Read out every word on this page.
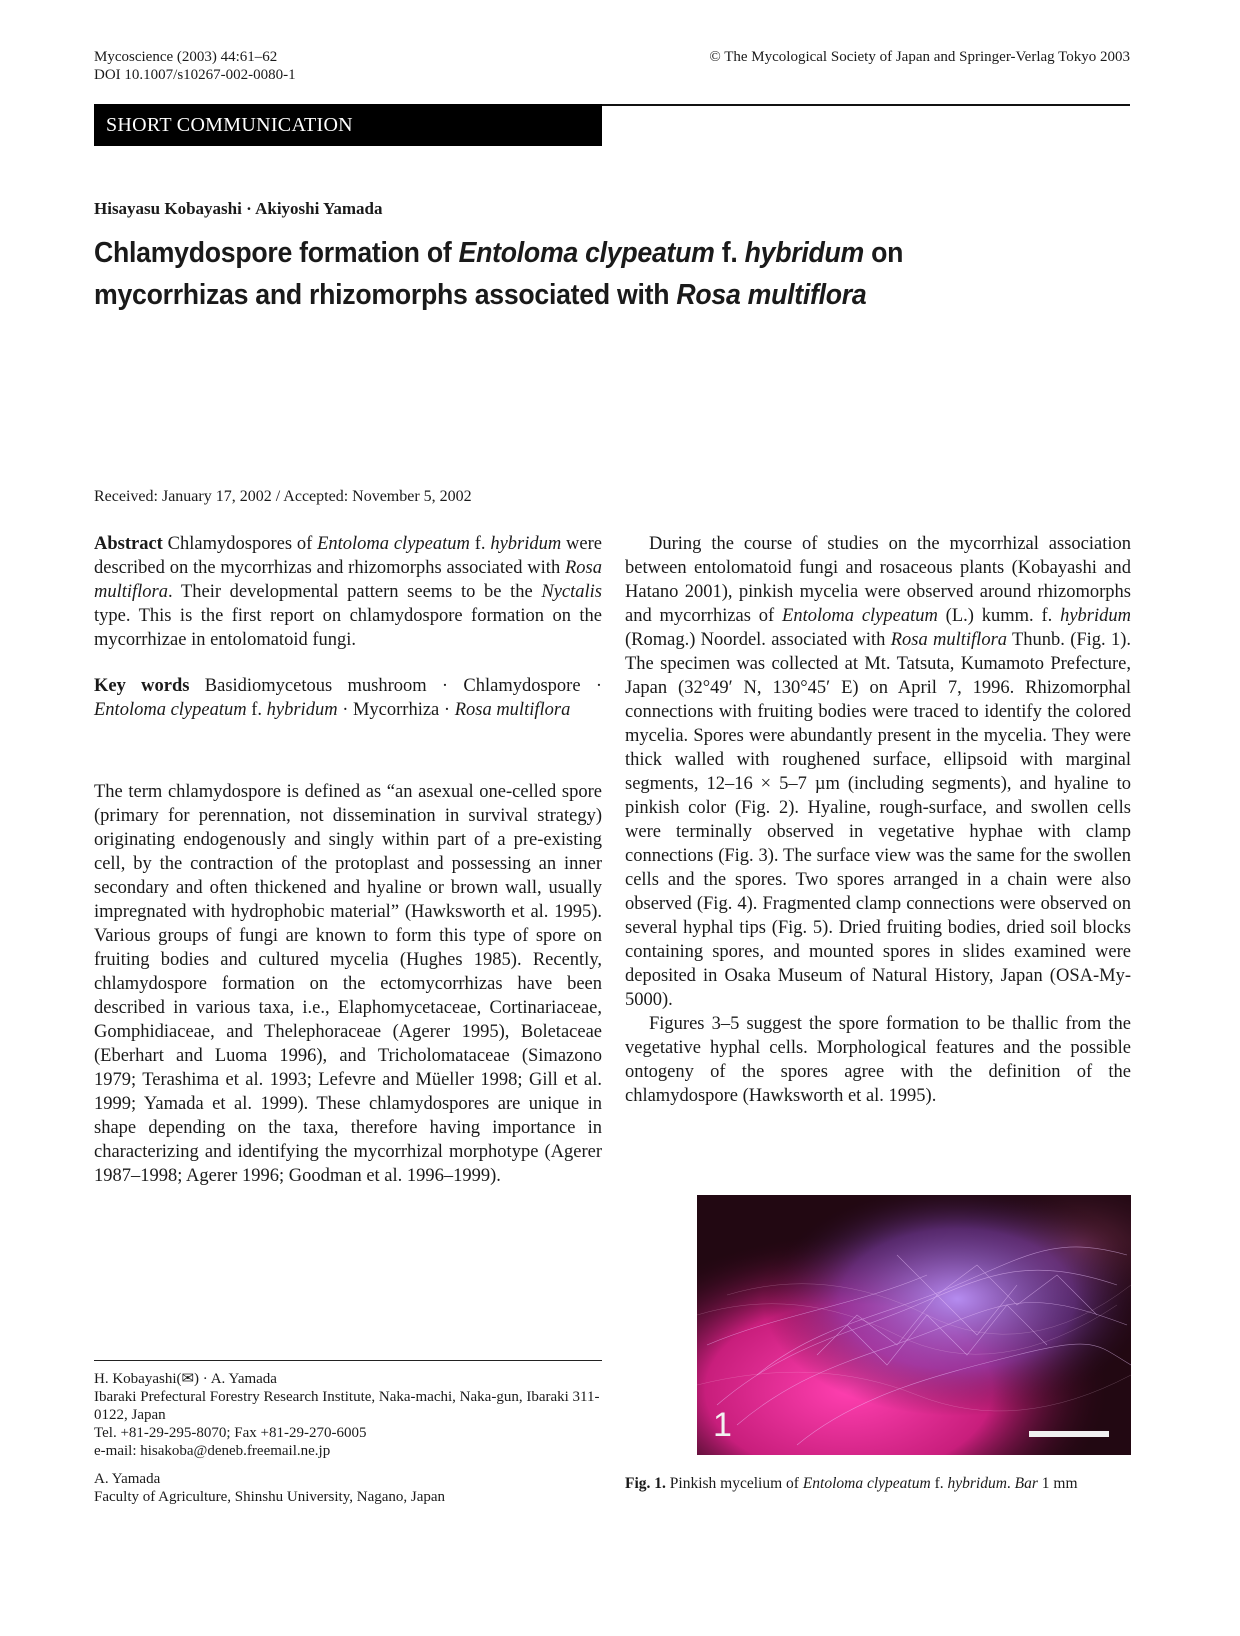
Mycoscience (2003) 44:61–62
DOI 10.1007/s10267-002-0080-1
© The Mycological Society of Japan and Springer-Verlag Tokyo 2003
SHORT COMMUNICATION
Hisayasu Kobayashi · Akiyoshi Yamada
Chlamydospore formation of Entoloma clypeatum f. hybridum on mycorrhizas and rhizomorphs associated with Rosa multiflora
Received: January 17, 2002 / Accepted: November 5, 2002

Abstract Chlamydospores of Entoloma clypeatum f. hybridum were described on the mycorrhizas and rhizomorphs associated with Rosa multiflora. Their developmental pattern seems to be the Nyctalis type. This is the first report on chlamydospore formation on the mycorrhizae in entolomatoid fungi.

Key words Basidiomycetous mushroom · Chlamydospore · Entoloma clypeatum f. hybridum · Mycorrhiza · Rosa multiflora

The term chlamydospore is defined as “an asexual one-celled spore (primary for perennation, not dissemination in survival strategy) originating endogenously and singly within part of a pre-existing cell, by the contraction of the protoplast and possessing an inner secondary and often thickened and hyaline or brown wall, usually impregnated with hydrophobic material” (Hawksworth et al. 1995). Various groups of fungi are known to form this type of spore on fruiting bodies and cultured mycelia (Hughes 1985). Recently, chlamydospore formation on the ectomycorrhizas have been described in various taxa, i.e., Elaphomycetaceae, Cortinariaceae, Gomphidiaceae, and Thelephoraceae (Agerer 1995), Boletaceae (Eberhart and Luoma 1996), and Tricholomataceae (Simazono 1979; Terashima et al. 1993; Lefevre and Müeller 1998; Gill et al. 1999; Yamada et al. 1999). These chlamydospores are unique in shape depending on the taxa, therefore having importance in characterizing and identifying the mycorrhizal morphotype (Agerer 1987–1998; Agerer 1996; Goodman et al. 1996–1999).

H. Kobayashi(✉) · A. Yamada

Ibaraki Prefectural Forestry Research Institute, Naka-machi, Naka-gun, Ibaraki 311-0122, Japan

Tel. +81-29-295-8070; Fax +81-29-270-6005

e-mail: hisakoba@deneb.freemail.ne.jp

A. Yamada

Faculty of Agriculture, Shinshu University, Nagano, Japan

During the course of studies on the mycorrhizal association between entolomatoid fungi and rosaceous plants (Kobayashi and Hatano 2001), pinkish mycelia were observed around rhizomorphs and mycorrhizas of Entoloma clypeatum (L.) kumm. f. hybridum (Romag.) Noordel. associated with Rosa multiflora Thunb. (Fig. 1). The specimen was collected at Mt. Tatsuta, Kumamoto Prefecture, Japan (32°49′ N, 130°45′ E) on April 7, 1996. Rhizomorphal connections with fruiting bodies were traced to identify the colored mycelia. Spores were abundantly present in the mycelia. They were thick walled with roughened surface, ellipsoid with marginal segments, 12–16 × 5–7 µm (including segments), and hyaline to pinkish color (Fig. 2). Hyaline, rough-surface, and swollen cells were terminally observed in vegetative hyphae with clamp connections (Fig. 3). The surface view was the same for the swollen cells and the spores. Two spores arranged in a chain were also observed (Fig. 4). Fragmented clamp connections were observed on several hyphal tips (Fig. 5). Dried fruiting bodies, dried soil blocks containing spores, and mounted spores in slides examined were deposited in Osaka Museum of Natural History, Japan (OSA-My-5000).

Figures 3–5 suggest the spore formation to be thallic from the vegetative hyphal cells. Morphological features and the possible ontogeny of the spores agree with the definition of the chlamydospore (Hawksworth et al. 1995).

1
Fig. 1. Pinkish mycelium of Entoloma clypeatum f. hybridum. Bar 1 mm
